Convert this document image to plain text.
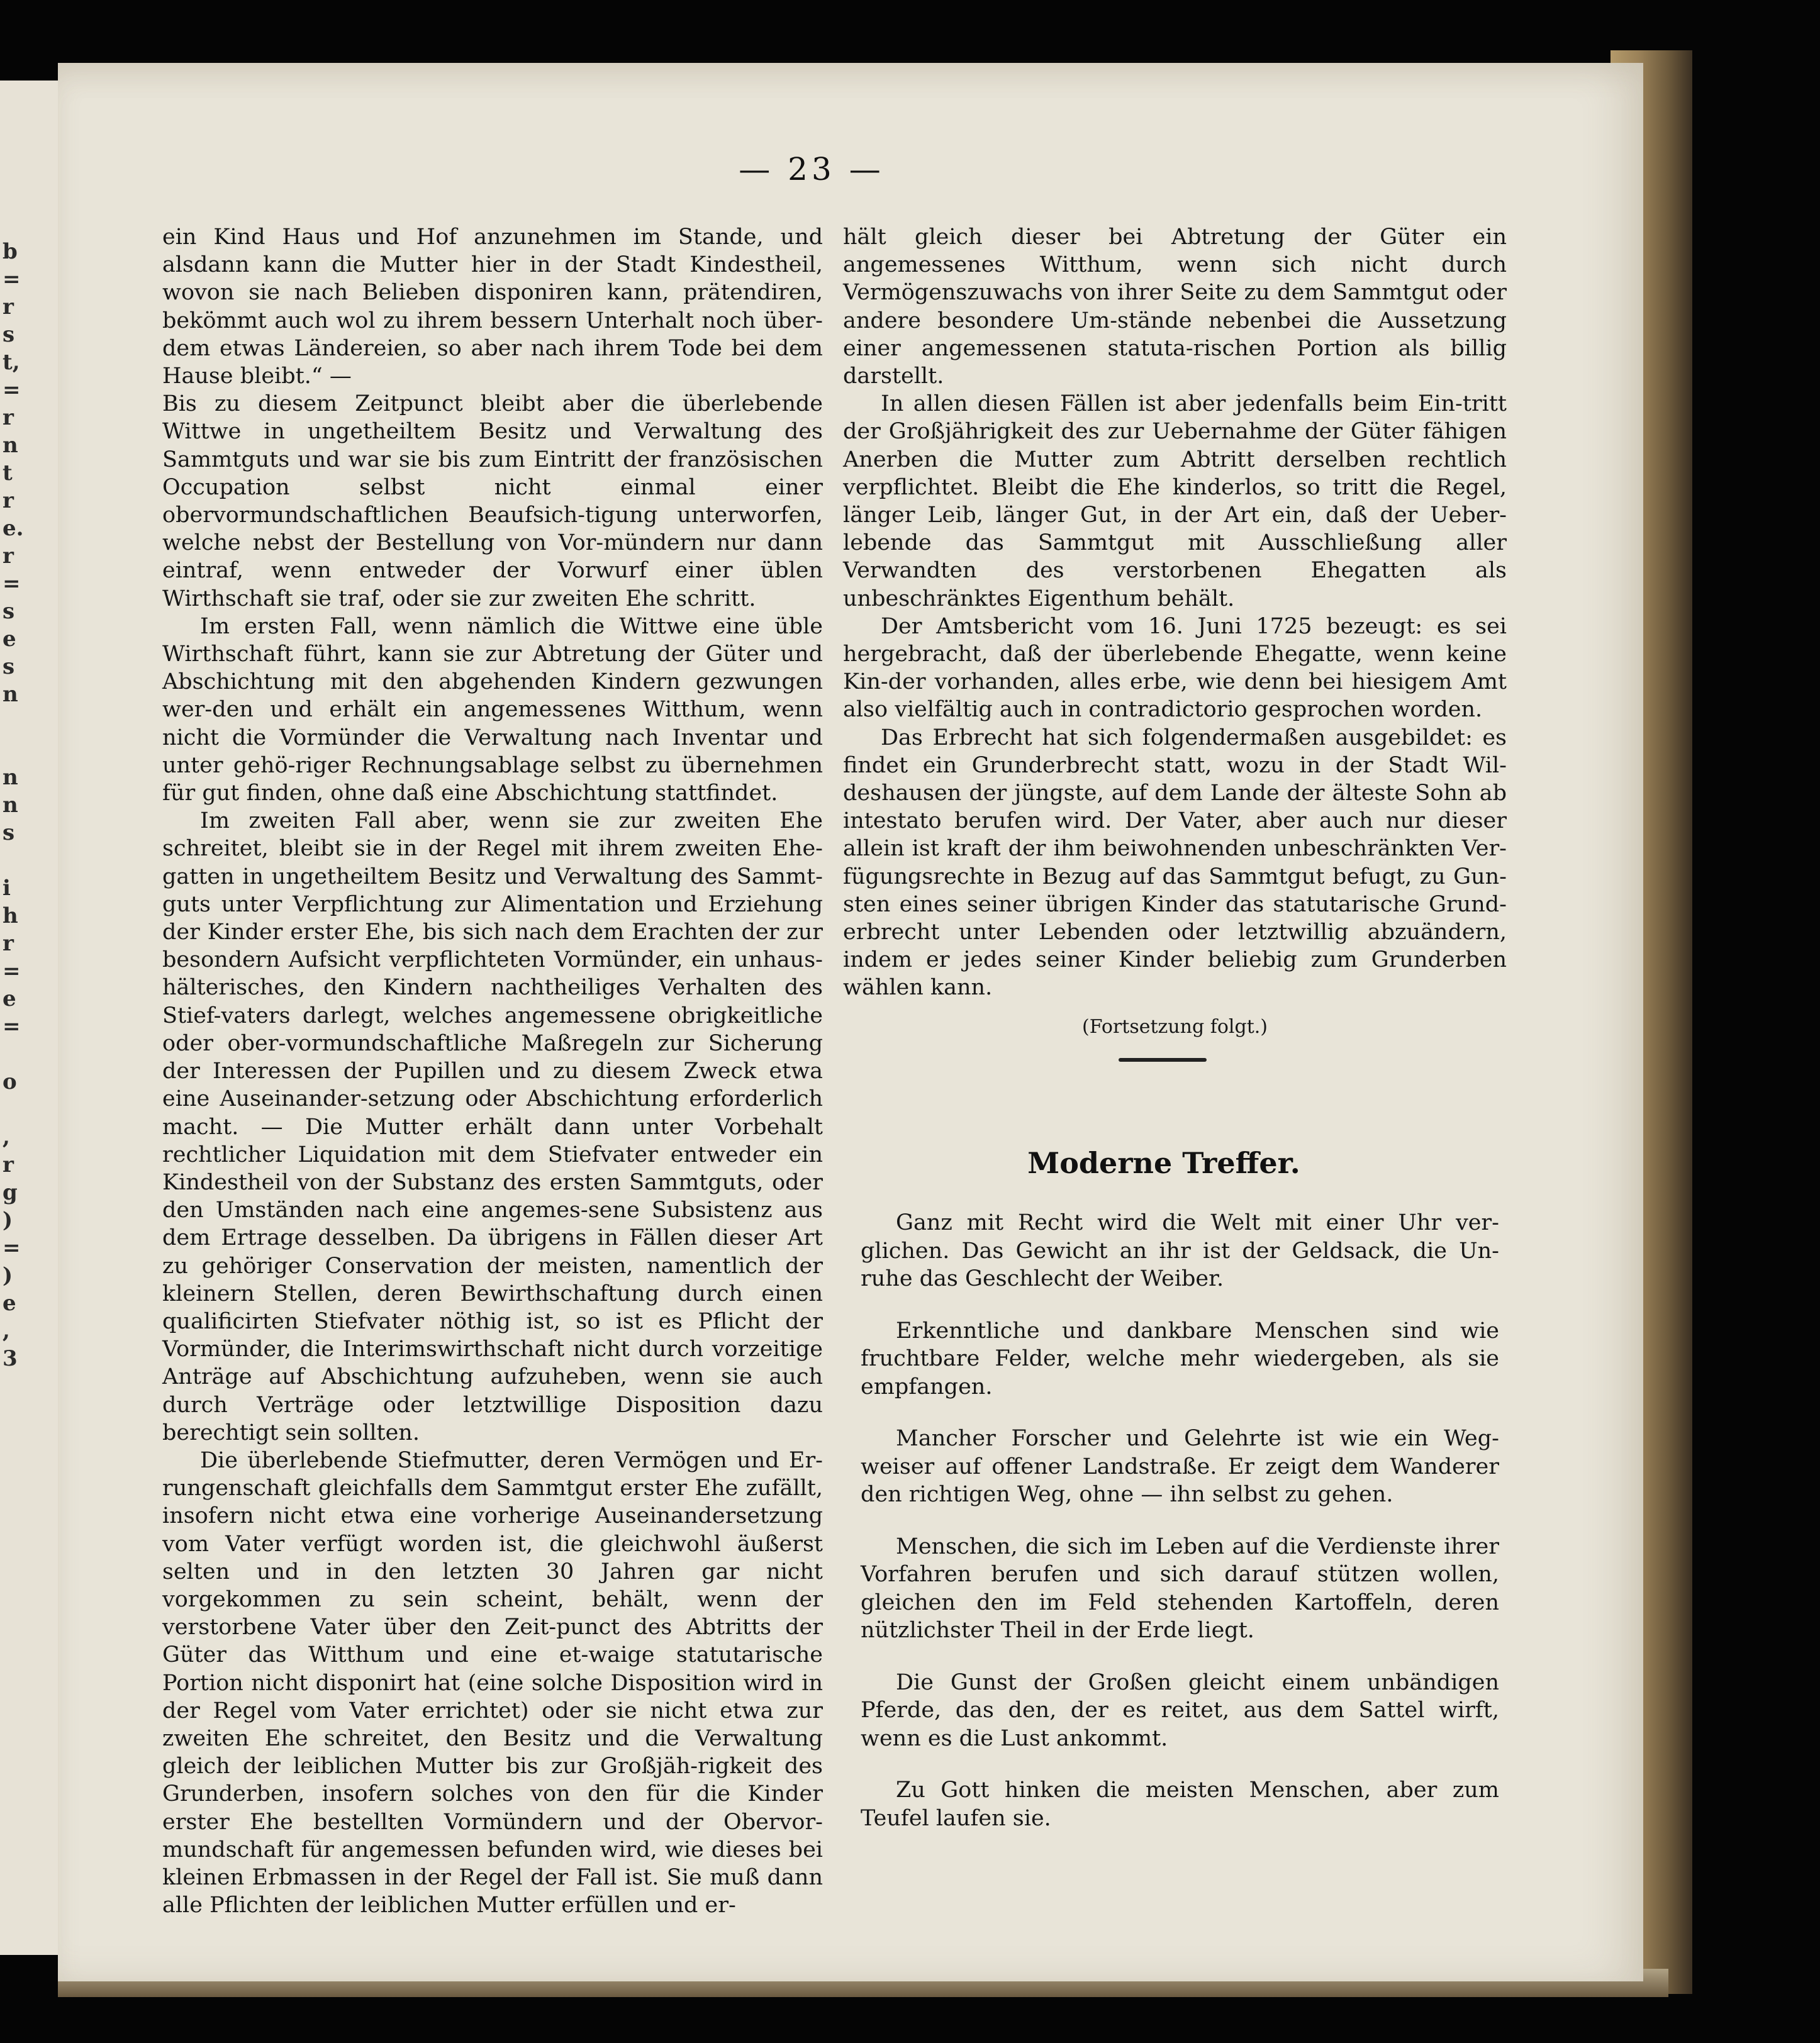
b
=
r
s
t,
=
r
n
t
r
e.
r
=
s
e
s
n

n
n
s

i
h
r
=
e
=

o

,
r
g
)
=
)
e
,
3
— 23 —

ein Kind Haus und Hof anzunehmen im Stande, und alsdann kann die Mutter hier in der Stadt Kindestheil, wovon sie nach Belieben disponiren kann, prätendiren, bekömmt auch wol zu ihrem bessern Unterhalt noch über-dem etwas Ländereien, so aber nach ihrem Tode bei dem Hause bleibt.“ —

Bis zu diesem Zeitpunct bleibt aber die überlebende Wittwe in ungetheiltem Besitz und Verwaltung des Sammtguts und war sie bis zum Eintritt der französischen Occupation selbst nicht einmal einer obervormundschaftlichen Beaufsich-tigung unterworfen, welche nebst der Bestellung von Vor-mündern nur dann eintraf, wenn entweder der Vorwurf einer üblen Wirthschaft sie traf, oder sie zur zweiten Ehe schritt.

Im ersten Fall, wenn nämlich die Wittwe eine üble Wirthschaft führt, kann sie zur Abtretung der Güter und Abschichtung mit den abgehenden Kindern gezwungen wer-den und erhält ein angemessenes Witthum, wenn nicht die Vormünder die Verwaltung nach Inventar und unter gehö-riger Rechnungsablage selbst zu übernehmen für gut finden, ohne daß eine Abschichtung stattfindet.

Im zweiten Fall aber, wenn sie zur zweiten Ehe schreitet, bleibt sie in der Regel mit ihrem zweiten Ehe-gatten in ungetheiltem Besitz und Verwaltung des Sammt-guts unter Verpflichtung zur Alimentation und Erziehung der Kinder erster Ehe, bis sich nach dem Erachten der zur besondern Aufsicht verpflichteten Vormünder, ein unhaus-hälterisches, den Kindern nachtheiliges Verhalten des Stief-vaters darlegt, welches angemessene obrigkeitliche oder ober-vormundschaftliche Maßregeln zur Sicherung der Interessen der Pupillen und zu diesem Zweck etwa eine Auseinander-setzung oder Abschichtung erforderlich macht. — Die Mutter erhält dann unter Vorbehalt rechtlicher Liquidation mit dem Stiefvater entweder ein Kindestheil von der Substanz des ersten Sammtguts, oder den Umständen nach eine angemes-sene Subsistenz aus dem Ertrage desselben. Da übrigens in Fällen dieser Art zu gehöriger Conservation der meisten, namentlich der kleinern Stellen, deren Bewirthschaftung durch einen qualificirten Stiefvater nöthig ist, so ist es Pflicht der Vormünder, die Interimswirthschaft nicht durch vorzeitige Anträge auf Abschichtung aufzuheben, wenn sie auch durch Verträge oder letztwillige Disposition dazu berechtigt sein sollten.

Die überlebende Stiefmutter, deren Vermögen und Er-rungenschaft gleichfalls dem Sammtgut erster Ehe zufällt, insofern nicht etwa eine vorherige Auseinandersetzung vom Vater verfügt worden ist, die gleichwohl äußerst selten und in den letzten 30 Jahren gar nicht vorgekommen zu sein scheint, behält, wenn der verstorbene Vater über den Zeit-punct des Abtritts der Güter das Witthum und eine et-waige statutarische Portion nicht disponirt hat (eine solche Disposition wird in der Regel vom Vater errichtet) oder sie nicht etwa zur zweiten Ehe schreitet, den Besitz und die Verwaltung gleich der leiblichen Mutter bis zur Großjäh-rigkeit des Grunderben, insofern solches von den für die Kinder erster Ehe bestellten Vormündern und der Obervor-mundschaft für angemessen befunden wird, wie dieses bei kleinen Erbmassen in der Regel der Fall ist. Sie muß dann alle Pflichten der leiblichen Mutter erfüllen und er-

hält gleich dieser bei Abtretung der Güter ein angemessenes Witthum, wenn sich nicht durch Vermögenszuwachs von ihrer Seite zu dem Sammtgut oder andere besondere Um-stände nebenbei die Aussetzung einer angemessenen statuta-rischen Portion als billig darstellt.

In allen diesen Fällen ist aber jedenfalls beim Ein-tritt der Großjährigkeit des zur Uebernahme der Güter fähigen Anerben die Mutter zum Abtritt derselben rechtlich verpflichtet. Bleibt die Ehe kinderlos, so tritt die Regel, länger Leib, länger Gut, in der Art ein, daß der Ueber-lebende das Sammtgut mit Ausschließung aller Verwandten des verstorbenen Ehegatten als unbeschränktes Eigenthum behält.

Der Amtsbericht vom 16. Juni 1725 bezeugt: es sei hergebracht, daß der überlebende Ehegatte, wenn keine Kin-der vorhanden, alles erbe, wie denn bei hiesigem Amt also vielfältig auch in contradictorio gesprochen worden.

Das Erbrecht hat sich folgendermaßen ausgebildet: es findet ein Grunderbrecht statt, wozu in der Stadt Wil-deshausen der jüngste, auf dem Lande der älteste Sohn ab intestato berufen wird. Der Vater, aber auch nur dieser allein ist kraft der ihm beiwohnenden unbeschränkten Ver-fügungsrechte in Bezug auf das Sammtgut befugt, zu Gun-sten eines seiner übrigen Kinder das statutarische Grund-erbrecht unter Lebenden oder letztwillig abzuändern, indem er jedes seiner Kinder beliebig zum Grunderben wählen kann.

(Fortsetzung folgt.)

Moderne Treffer.

Ganz mit Recht wird die Welt mit einer Uhr ver-glichen. Das Gewicht an ihr ist der Geldsack, die Un-ruhe das Geschlecht der Weiber.

Erkenntliche und dankbare Menschen sind wie fruchtbare Felder, welche mehr wiedergeben, als sie empfangen.

Mancher Forscher und Gelehrte ist wie ein Weg-weiser auf offener Landstraße. Er zeigt dem Wanderer den richtigen Weg, ohne — ihn selbst zu gehen.

Menschen, die sich im Leben auf die Verdienste ihrer Vorfahren berufen und sich darauf stützen wollen, gleichen den im Feld stehenden Kartoffeln, deren nützlichster Theil in der Erde liegt.

Die Gunst der Großen gleicht einem unbändigen Pferde, das den, der es reitet, aus dem Sattel wirft, wenn es die Lust ankommt.

Zu Gott hinken die meisten Menschen, aber zum Teufel laufen sie.
